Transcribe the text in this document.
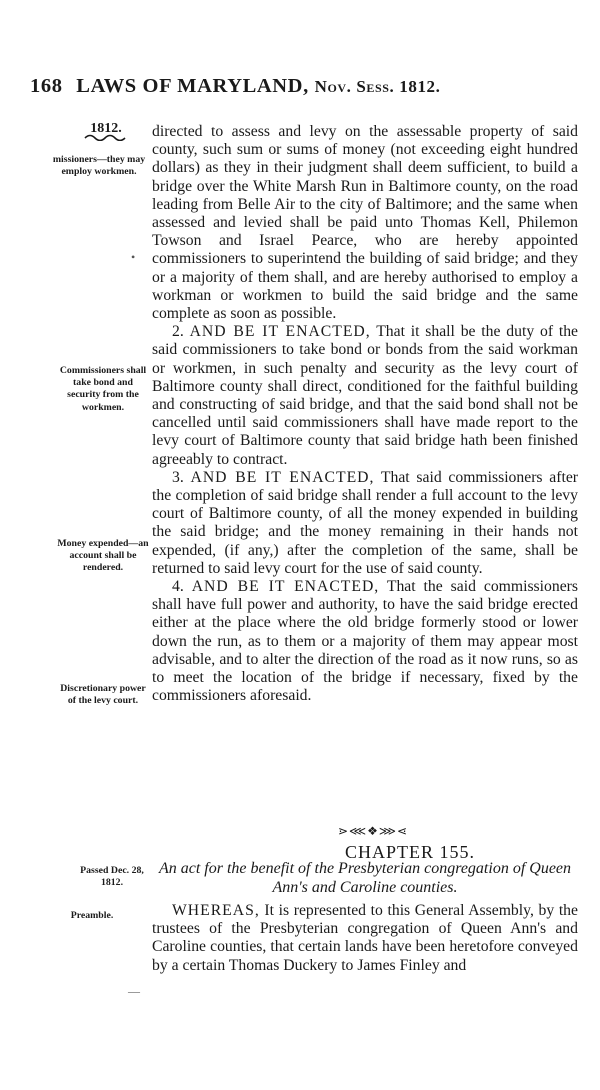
168 LAWS OF MARYLAND, Nov. Sess. 1812.
1812.
missioners—they may employ workmen.
Commissioners shall take bond and security from the workmen.
Money expended—an account shall be rendered.
Discretionary power of the levy court.
Passed Dec. 28, 1812.
Preamble.
•
—

directed to assess and levy on the assessable property of said county, such sum or sums of money (not exceeding eight hundred dollars) as they in their judgment shall deem sufficient, to build a bridge over the White Marsh Run in Baltimore county, on the road leading from Belle Air to the city of Baltimore; and the same when assessed and levied shall be paid unto Thomas Kell, Philemon Towson and Israel Pearce, who are hereby appointed commissioners to superintend the building of said bridge; and they or a majority of them shall, and are hereby authorised to employ a workman or workmen to build the said bridge and the same complete as soon as possible.

2. AND BE IT ENACTED, That it shall be the duty of the said commissioners to take bond or bonds from the said workman or workmen, in such penalty and security as the levy court of Baltimore county shall direct, conditioned for the faithful building and constructing of said bridge, and that the said bond shall not be cancelled until said commissioners shall have made report to the levy court of Baltimore county that said bridge hath been finished agreeably to contract.

3. AND BE IT ENACTED, That said commissioners after the completion of said bridge shall render a full account to the levy court of Baltimore county, of all the money expended in building the said bridge; and the money remaining in their hands not expended, (if any,) after the completion of the same, shall be returned to said levy court for the use of said county.

4. AND BE IT ENACTED, That the said commissioners shall have full power and authority, to have the said bridge erected either at the place where the old bridge formerly stood or lower down the run, as to them or a majority of them may appear most advisable, and to alter the direction of the road as it now runs, so as to meet the location of the bridge if necessary, fixed by the commissioners aforesaid.

⋗⋘❖⋙⋖
CHAPTER 155.
An act for the benefit of the Presbyterian congregation of Queen Ann's and Caroline counties.

WHEREAS, It is represented to this General Assembly, by the trustees of the Presbyterian congregation of Queen Ann's and Caroline counties, that certain lands have been heretofore conveyed by a certain Thomas Duckery to James Finley and
